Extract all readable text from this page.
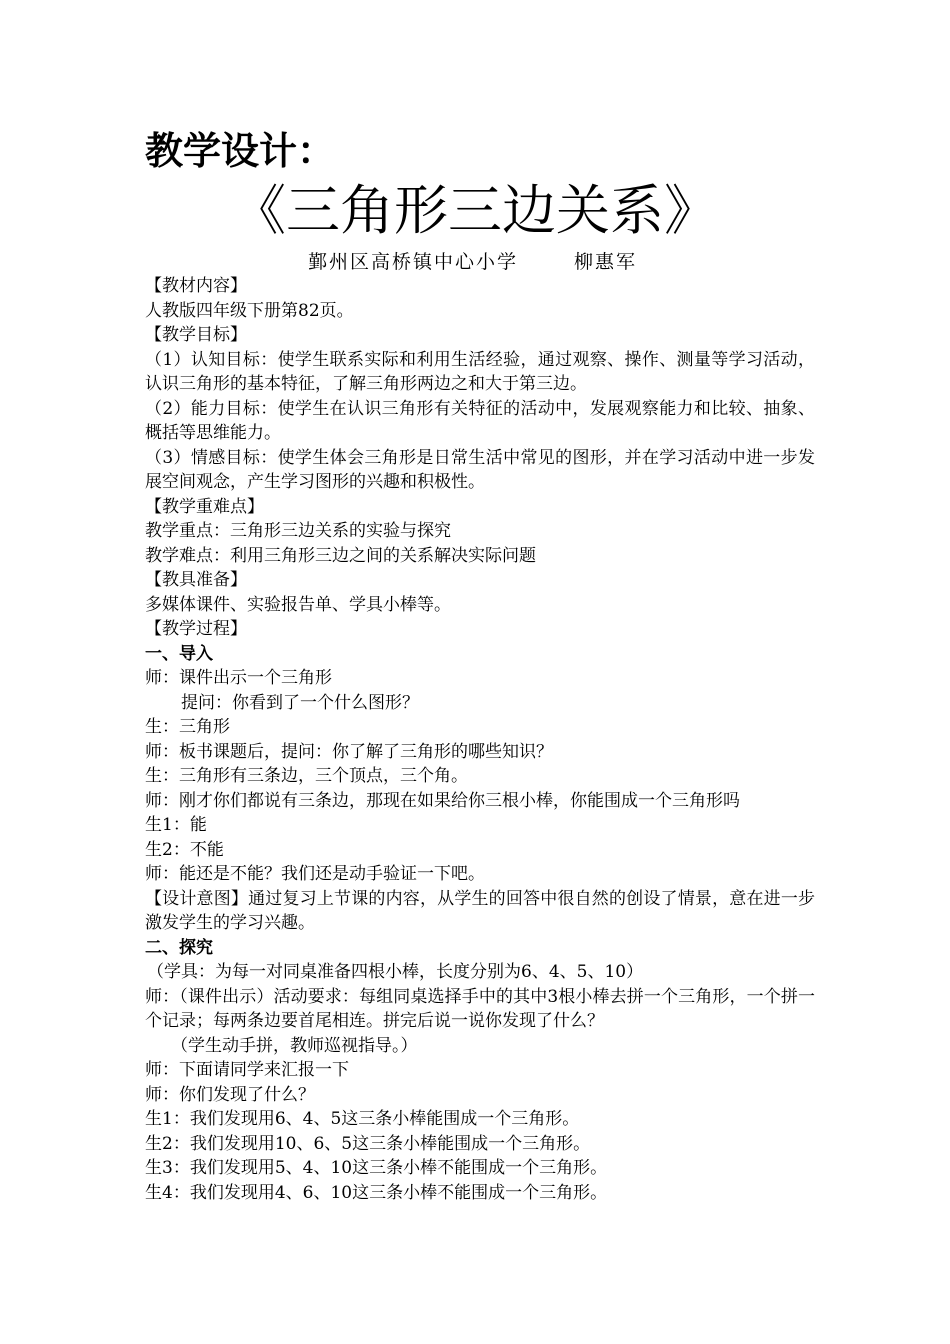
教学设计：
《三角形三边关系》
鄞州区高桥镇中心小学	柳惠军

【教材内容】

人教版四年级下册第82页。

【教学目标】

（1）认知目标：使学生联系实际和利用生活经验，通过观察、操作、测量等学习活动，认识三角形的基本特征，了解三角形两边之和大于第三边。

（2）能力目标：使学生在认识三角形有关特征的活动中，发展观察能力和比较、抽象、概括等思维能力。

（3）情感目标：使学生体会三角形是日常生活中常见的图形，并在学习活动中进一步发展空间观念，产生学习图形的兴趣和积极性。

【教学重难点】

教学重点：三角形三边关系的实验与探究

教学难点：利用三角形三边之间的关系解决实际问题

【教具准备】

多媒体课件、实验报告单、学具小棒等。

【教学过程】

一、导入

师：课件出示一个三角形

提问：你看到了一个什么图形？

生：三角形

师：板书课题后，提问：你了解了三角形的哪些知识？

生：三角形有三条边，三个顶点，三个角。

师：刚才你们都说有三条边，那现在如果给你三根小棒，你能围成一个三角形吗

生1：能

生2：不能

师：能还是不能？我们还是动手验证一下吧。

【设计意图】通过复习上节课的内容，从学生的回答中很自然的创设了情景，意在进一步激发学生的学习兴趣。

二、探究

（学具：为每一对同桌准备四根小棒，长度分别为6、4、5、10）

师：（课件出示）活动要求：每组同桌选择手中的其中3根小棒去拼一个三角形，一个拼一个记录；每两条边要首尾相连。拼完后说一说你发现了什么？

（学生动手拼，教师巡视指导。）

师：下面请同学来汇报一下

师：你们发现了什么？

生1：我们发现用6、4、5这三条小棒能围成一个三角形。

生2：我们发现用10、6、5这三条小棒能围成一个三角形。

生3：我们发现用5、4、10这三条小棒不能围成一个三角形。

生4：我们发现用4、6、10这三条小棒不能围成一个三角形。
